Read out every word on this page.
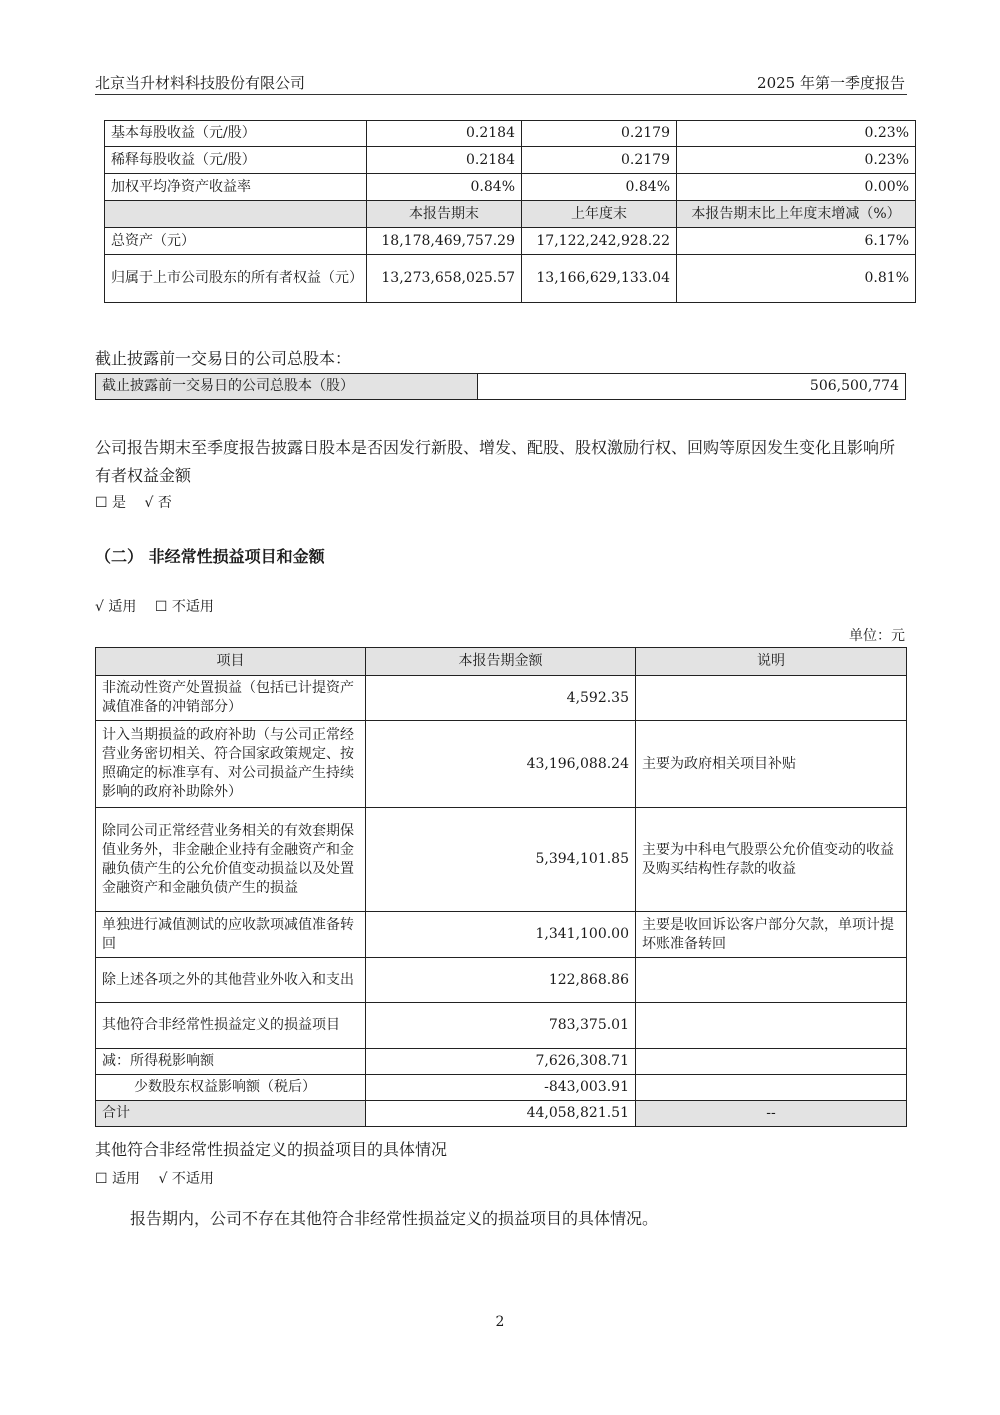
北京当升材料科技股份有限公司	2025 年第一季度报告
基本每股收益（元/股）	0.2184	0.2179	0.23%
稀释每股收益（元/股）	0.2184	0.2179	0.23%
加权平均净资产收益率	0.84%	0.84%	0.00%
	本报告期末	上年度末	本报告期末比上年度末增减（%）
总资产（元）	18,178,469,757.29	17,122,242,928.22	6.17%
归属于上市公司股东的所有者权益（元）	13,273,658,025.57	13,166,629,133.04	0.81%
截止披露前一交易日的公司总股本：
截止披露前一交易日的公司总股本（股）	506,500,774
公司报告期末至季度报告披露日股本是否因发行新股、增发、配股、股权激励行权、回购等原因发生变化且影响所有者权益金额
☐ 是 √ 否
（二） 非经常性损益项目和金额
√ 适用 ☐ 不适用
单位：元
项目	本报告期金额	说明
非流动性资产处置损益（包括已计提资产减值准备的冲销部分）	4,592.35	
计入当期损益的政府补助（与公司正常经营业务密切相关、符合国家政策规定、按照确定的标准享有、对公司损益产生持续影响的政府补助除外）	43,196,088.24	主要为政府相关项目补贴
除同公司正常经营业务相关的有效套期保值业务外，非金融企业持有金融资产和金融负债产生的公允价值变动损益以及处置金融资产和金融负债产生的损益	5,394,101.85	主要为中科电气股票公允价值变动的收益及购买结构性存款的收益
单独进行减值测试的应收款项减值准备转回	1,341,100.00	主要是收回诉讼客户部分欠款，单项计提坏账准备转回
除上述各项之外的其他营业外收入和支出	122,868.86	
其他符合非经常性损益定义的损益项目	783,375.01	
减：所得税影响额	7,626,308.71	
少数股东权益影响额（税后）	-843,003.91	
合计	44,058,821.51	--
其他符合非经常性损益定义的损益项目的具体情况
☐ 适用 √ 不适用
报告期内，公司不存在其他符合非经常性损益定义的损益项目的具体情况。
2
